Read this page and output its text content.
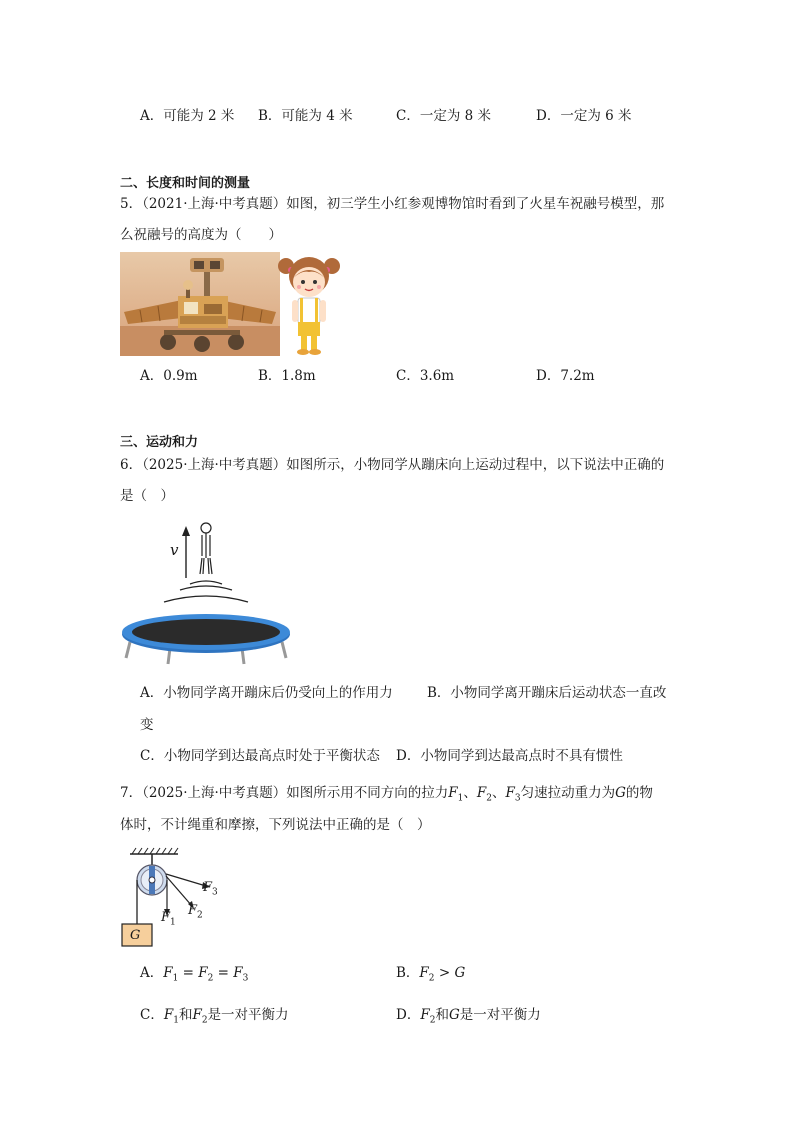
A．可能为 2 米 B．可能为 4 米	C．一定为 8 米	D．一定为 6 米
二、长度和时间的测量
5．（2021·上海·中考真题）如图，初三学生小红参观博物馆时看到了火星车祝融号模型，那
么祝融号的高度为（　　）
A．0.9m	B．1.8m	C．3.6m	D．7.2m
三、运动和力
6．（2025·上海·中考真题）如图所示，小物同学从蹦床向上运动过程中，以下说法中正确的
是（　）
v
A．小物同学离开蹦床后仍受向上的作用力	B．小物同学离开蹦床后运动状态一直改
变
C．小物同学到达最高点时处于平衡状态 D．小物同学到达最高点时不具有惯性
7．（2025·上海·中考真题）如图所示用不同方向的拉力$F_1$、$F_2$、$F_3$匀速拉动重力为G的物
体时，不计绳重和摩擦，下列说法中正确的是（　）
G
$F_1$
$F_2$
$F_3$
A．$F_1 = F_2 = F_3$	B．$F_2 > G$
C．$F_1$和$F_2$是一对平衡力	D．$F_2$和G是一对平衡力
